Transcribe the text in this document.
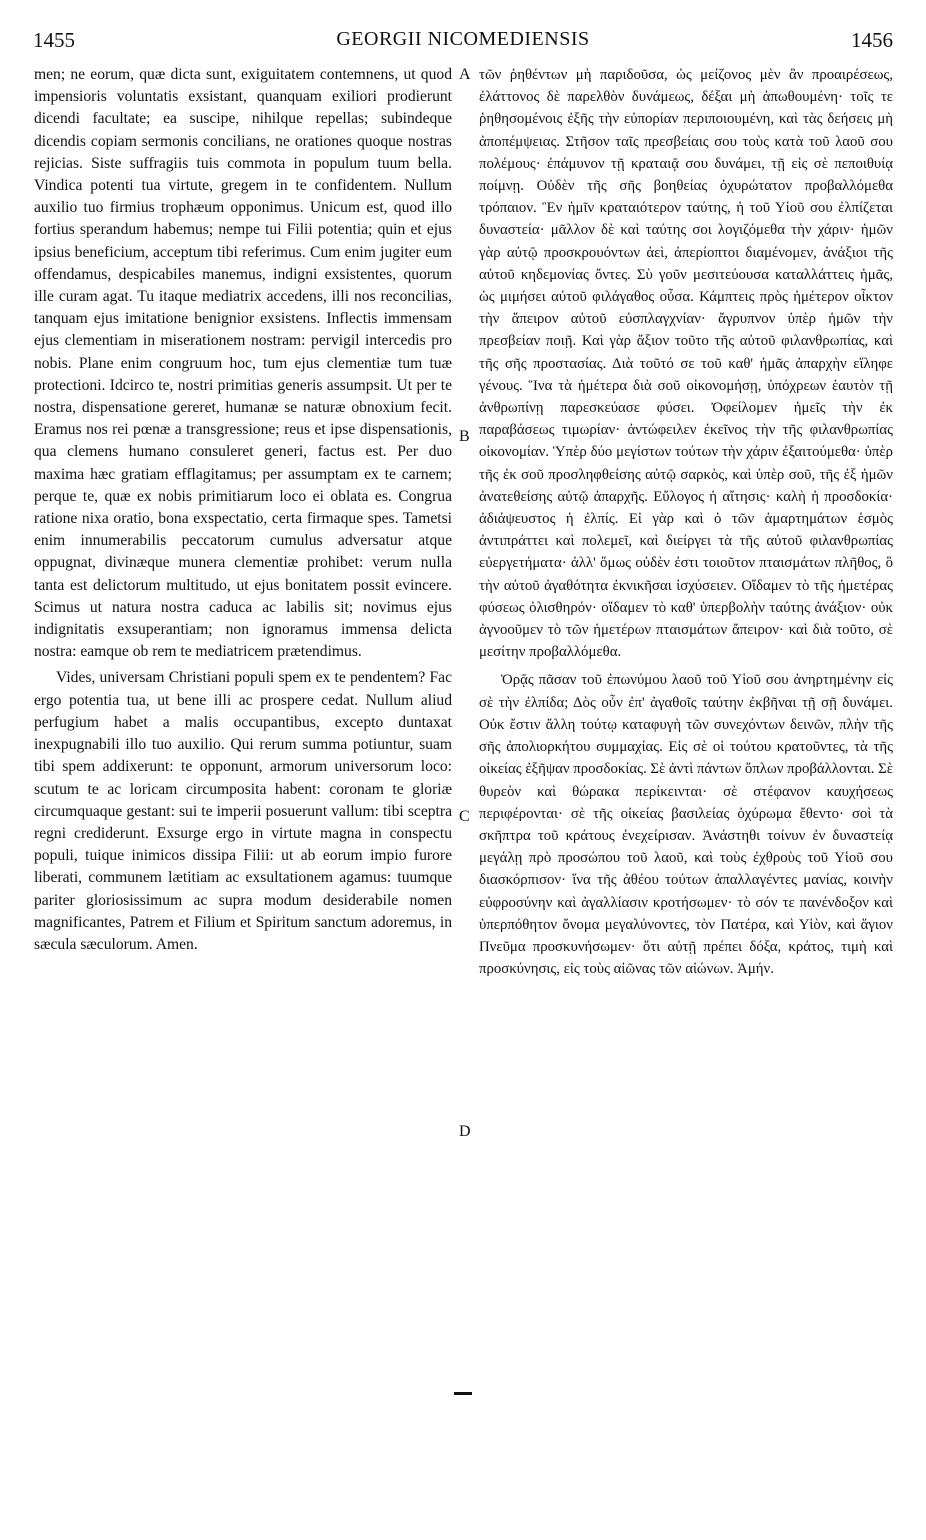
1455	GEORGII NICOMEDIENSIS	1456

men; ne eorum, quæ dicta sunt, exiguitatem contemnens, ut quod impensioris voluntatis exsistant, quanquam exiliori prodierunt dicendi facultate; ea suscipe, nihilque repellas; subindeque dicendis copiam sermonis concilians, ne orationes quoque nostras rejicias. Siste suffragiis tuis commota in populum tuum bella. Vindica potenti tua virtute, gregem in te confidentem. Nullum auxilio tuo firmius trophæum opponimus. Unicum est, quod illo fortius sperandum habemus; nempe tui Filii potentia; quin et ejus ipsius beneficium, acceptum tibi referimus. Cum enim jugiter eum offendamus, despicabiles manemus, indigni exsistentes, quorum ille curam agat. Tu itaque mediatrix accedens, illi nos reconcilias, tanquam ejus imitatione benignior exsistens. Inflectis immensam ejus clementiam in miserationem nostram: pervigil intercedis pro nobis. Plane enim congruum hoc, tum ejus clementiæ tum tuæ protectioni. Idcirco te, nostri primitias generis assumpsit. Ut per te nostra, dispensatione gereret, humanæ se naturæ obnoxium fecit. Eramus nos rei pœnæ a transgressione; reus et ipse dispensationis, qua clemens humano consuleret generi, factus est. Per duo maxima hæc gratiam efflagitamus; per assumptam ex te carnem; perque te, quæ ex nobis primitiarum loco ei oblata es. Congrua ratione nixa oratio, bona exspectatio, certa firmaque spes. Tametsi enim innumerabilis peccatorum cumulus adversatur atque oppugnat, divinæque munera clementiæ prohibet: verum nulla tanta est delictorum multitudo, ut ejus bonitatem possit evincere. Scimus ut natura nostra caduca ac labilis sit; novimus ejus indignitatis exsuperantiam; non ignoramus immensa delicta nostra: eamque ob rem te mediatricem prætendimus.

Vides, universam Christiani populi spem ex te pendentem? Fac ergo potentia tua, ut bene illi ac prospere cedat. Nullum aliud perfugium habet a malis occupantibus, excepto duntaxat inexpugnabili illo tuo auxilio. Qui rerum summa potiuntur, suam tibi spem addixerunt: te opponunt, armorum universorum loco: scutum te ac loricam circumposita habent: coronam te gloriæ circumquaque gestant: sui te imperii posuerunt vallum: tibi sceptra regni crediderunt. Exsurge ergo in virtute magna in conspectu populi, tuique inimicos dissipa Filii: ut ab eorum impio furore liberati, communem lætitiam ac exsultationem agamus: tuumque pariter gloriosissimum ac supra modum desiderabile nomen magnificantes, Patrem et Filium et Spiritum sanctum adoremus, in sæcula sæculorum. Amen.

τῶν ῥηθέντων μὴ παριδοῦσα, ὡς μείζονος μὲν ἂν προαιρέσεως, ἐλάττονος δὲ παρελθὸν δυνάμεως, δέξαι μὴ ἀπωθουμένη· τοῖς τε ῥηθησομένοις ἐξῆς τὴν εὐπορίαν περιποιουμένη, καὶ τὰς δεήσεις μὴ ἀποπέμψειας. Στῆσον ταῖς πρεσβείαις σου τοὺς κατὰ τοῦ λαοῦ σου πολέμους· ἐπάμυνον τῇ κραταιᾷ σου δυνάμει, τῇ εἰς σὲ πεποιθυίᾳ ποίμνῃ. Οὐδὲν τῆς σῆς βοηθείας ὀχυρώτατον προβαλλόμεθα τρόπαιον. Ἓν ἡμῖν κραταιότερον ταύτης, ἡ τοῦ Υἱοῦ σου ἐλπίζεται δυναστεία· μᾶλλον δὲ καὶ ταύτης σοι λογιζόμεθα τὴν χάριν· ἡμῶν γὰρ αὐτῷ προσκρουόντων ἀεὶ, ἀπερίοπτοι διαμένομεν, ἀνάξιοι τῆς αὐτοῦ κηδεμονίας ὄντες. Σὺ γοῦν μεσιτεύουσα καταλλάττεις ἡμᾶς, ὡς μιμήσει αὐτοῦ φιλάγαθος οὖσα. Κάμπτεις πρὸς ἡμέτερον οἶκτον τὴν ἄπειρον αὐτοῦ εὐσπλαγχνίαν· ἄγρυπνον ὑπὲρ ἡμῶν τὴν πρεσβείαν ποιῇ. Καὶ γὰρ ἄξιον τοῦτο τῆς αὐτοῦ φιλανθρωπίας, καὶ τῆς σῆς προστασίας. Διὰ τοῦτό σε τοῦ καθ' ἡμᾶς ἀπαρχὴν εἴληφε γένους. Ἵνα τὰ ἡμέτερα διὰ σοῦ οἰκονομήσῃ, ὑπόχρεων ἑαυτὸν τῇ ἀνθρωπίνῃ παρεσκεύασε φύσει. Ὀφείλομεν ἡμεῖς τὴν ἐκ παραβάσεως τιμωρίαν· ἀντώφειλεν ἐκεῖνος τὴν τῆς φιλανθρωπίας οἰκονομίαν. Ὑπὲρ δύο μεγίστων τούτων τὴν χάριν ἐξαιτούμεθα· ὑπὲρ τῆς ἐκ σοῦ προσληφθείσης αὐτῷ σαρκὸς, καὶ ὑπὲρ σοῦ, τῆς ἐξ ἡμῶν ἀνατεθείσης αὐτῷ ἀπαρχῆς. Εὔλογος ἡ αἴτησις· καλὴ ἡ προσδοκία· ἀδιάψευστος ἡ ἐλπίς. Εἰ γὰρ καὶ ὁ τῶν ἁμαρτημάτων ἑσμὸς ἀντιπράττει καὶ πολεμεῖ, καὶ διείργει τὰ τῆς αὐτοῦ φιλανθρωπίας εὐεργετήματα· ἀλλ' ὅμως οὐδὲν ἐστι τοιοῦτον πταισμάτων πλῆθος, ὃ τὴν αὐτοῦ ἀγαθότητα ἐκνικῆσαι ἰσχύσειεν. Οἴδαμεν τὸ τῆς ἡμετέρας φύσεως ὀλισθηρόν· οἴδαμεν τὸ καθ' ὑπερβολὴν ταύτης ἀνάξιον· οὐκ ἀγνοοῦμεν τὸ τῶν ἡμετέρων πταισμάτων ἄπειρον· καὶ διὰ τοῦτο, σὲ μεσίτην προβαλλόμεθα.

Ὁρᾷς πᾶσαν τοῦ ἐπωνύμου λαοῦ τοῦ Υἱοῦ σου ἀνηρτημένην εἰς σὲ τὴν ἐλπίδα; Δὸς οὖν ἐπ' ἀγαθοῖς ταύτην ἐκβῆναι τῇ σῇ δυνάμει. Οὐκ ἔστιν ἄλλη τούτῳ καταφυγὴ τῶν συνεχόντων δεινῶν, πλὴν τῆς σῆς ἀπολιορκήτου συμμαχίας. Εἰς σὲ οἱ τούτου κρατοῦντες, τὰ τῆς οἰκείας ἐξῆψαν προσδοκίας. Σὲ ἀντὶ πάντων ὅπλων προβάλλονται. Σὲ θυρεὸν καὶ θώρακα περίκεινται· σὲ στέφανον καυχήσεως περιφέρονται· σὲ τῆς οἰκείας βασιλείας ὀχύρωμα ἔθεντο· σοὶ τὰ σκῆπτρα τοῦ κράτους ἐνεχείρισαν. Ἀνάστηθι τοίνυν ἐν δυναστείᾳ μεγάλῃ πρὸ προσώπου τοῦ λαοῦ, καὶ τοὺς ἐχθροὺς τοῦ Υἱοῦ σου διασκόρπισον· ἵνα τῆς ἀθέου τούτων ἀπαλλαγέντες μανίας, κοινὴν εὐφροσύνην καὶ ἀγαλλίασιν κροτήσωμεν· τὸ σόν τε πανένδοξον καὶ ὑπερπόθητον ὄνομα μεγαλύνοντες, τὸν Πατέρα, καὶ Υἱὸν, καὶ ἅγιον Πνεῦμα προσκυνήσωμεν· ὅτι αὐτῇ πρέπει δόξα, κράτος, τιμὴ καὶ προσκύνησις, εἰς τοὺς αἰῶνας τῶν αἰώνων. Ἀμήν.

A
B
C
D
